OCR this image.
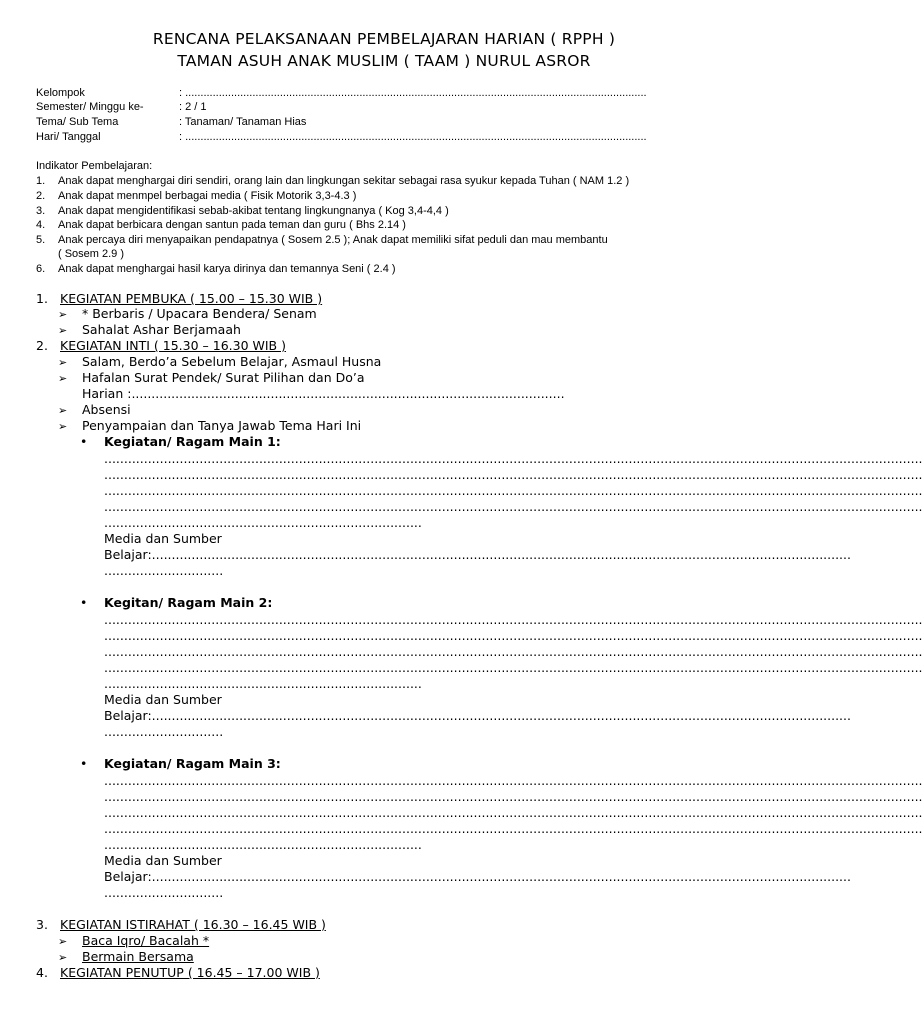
RENCANA PELAKSANAAN PEMBELAJARAN HARIAN ( RPPH )
TAMAN ASUH ANAK MUSLIM ( TAAM ) NURUL ASROR
Kelompok	: .......................................................................................................................................................
Semester/ Minggu ke-	: 2 / 1
Tema/ Sub Tema	: Tanaman/ Tanaman Hias
Hari/ Tanggal	: .......................................................................................................................................................
Indikator Pembelajaran:
1. Anak dapat menghargai diri sendiri, orang lain dan lingkungan sekitar sebagai rasa syukur kepada Tuhan ( NAM 1.2 )
2. Anak dapat menmpel berbagai media ( Fisik Motorik 3,3-4.3 )
3. Anak dapat mengidentifikasi sebab-akibat tentang lingkungnanya ( Kog 3,4-4,4 )
4. Anak dapat berbicara dengan santun pada teman dan guru ( Bhs 2.14 )
5. Anak percaya diri menyapaikan pendapatnya ( Sosem 2.5 ); Anak dapat memiliki sifat peduli dan mau membantu
( Sosem 2.9 )
6. Anak dapat menghargai hasil karya dirinya dan temannya Seni ( 2.4 )
1. KEGIATAN PEMBUKA ( 15.00 – 15.30 WIB )
➢ * Berbaris / Upacara Bendera/ Senam
➢ Sahalat Ashar Berjamaah
2. KEGIATAN INTI ( 15.30 – 16.30 WIB )
➢ Salam, Berdo’a Sebelum Belajar, Asmaul Husna
➢ Hafalan Surat Pendek/ Surat Pilihan dan Do’a
Harian :.............................................................................................................
➢ Absensi
➢ Penyampaian dan Tanya Jawab Tema Hari Ini
• Kegiatan/ Ragam Main 1:
..............................................................................................................................................................................................................
..............................................................................................................................................................................................................
..............................................................................................................................................................................................................
..............................................................................................................................................................................................................
................................................................................
Media dan Sumber
Belajar:................................................................................................................................................................................
..............................
• Kegitan/ Ragam Main 2:
..............................................................................................................................................................................................................
..............................................................................................................................................................................................................
..............................................................................................................................................................................................................
..............................................................................................................................................................................................................
................................................................................
Media dan Sumber
Belajar:................................................................................................................................................................................
..............................
• Kegiatan/ Ragam Main 3:
..............................................................................................................................................................................................................
..............................................................................................................................................................................................................
..............................................................................................................................................................................................................
..............................................................................................................................................................................................................
................................................................................
Media dan Sumber
Belajar:................................................................................................................................................................................
..............................
3. KEGIATAN ISTIRAHAT ( 16.30 – 16.45 WIB )
➢ Baca Iqro/ Bacalah *
➢ Bermain Bersama
4. KEGIATAN PENUTUP ( 16.45 – 17.00 WIB )
